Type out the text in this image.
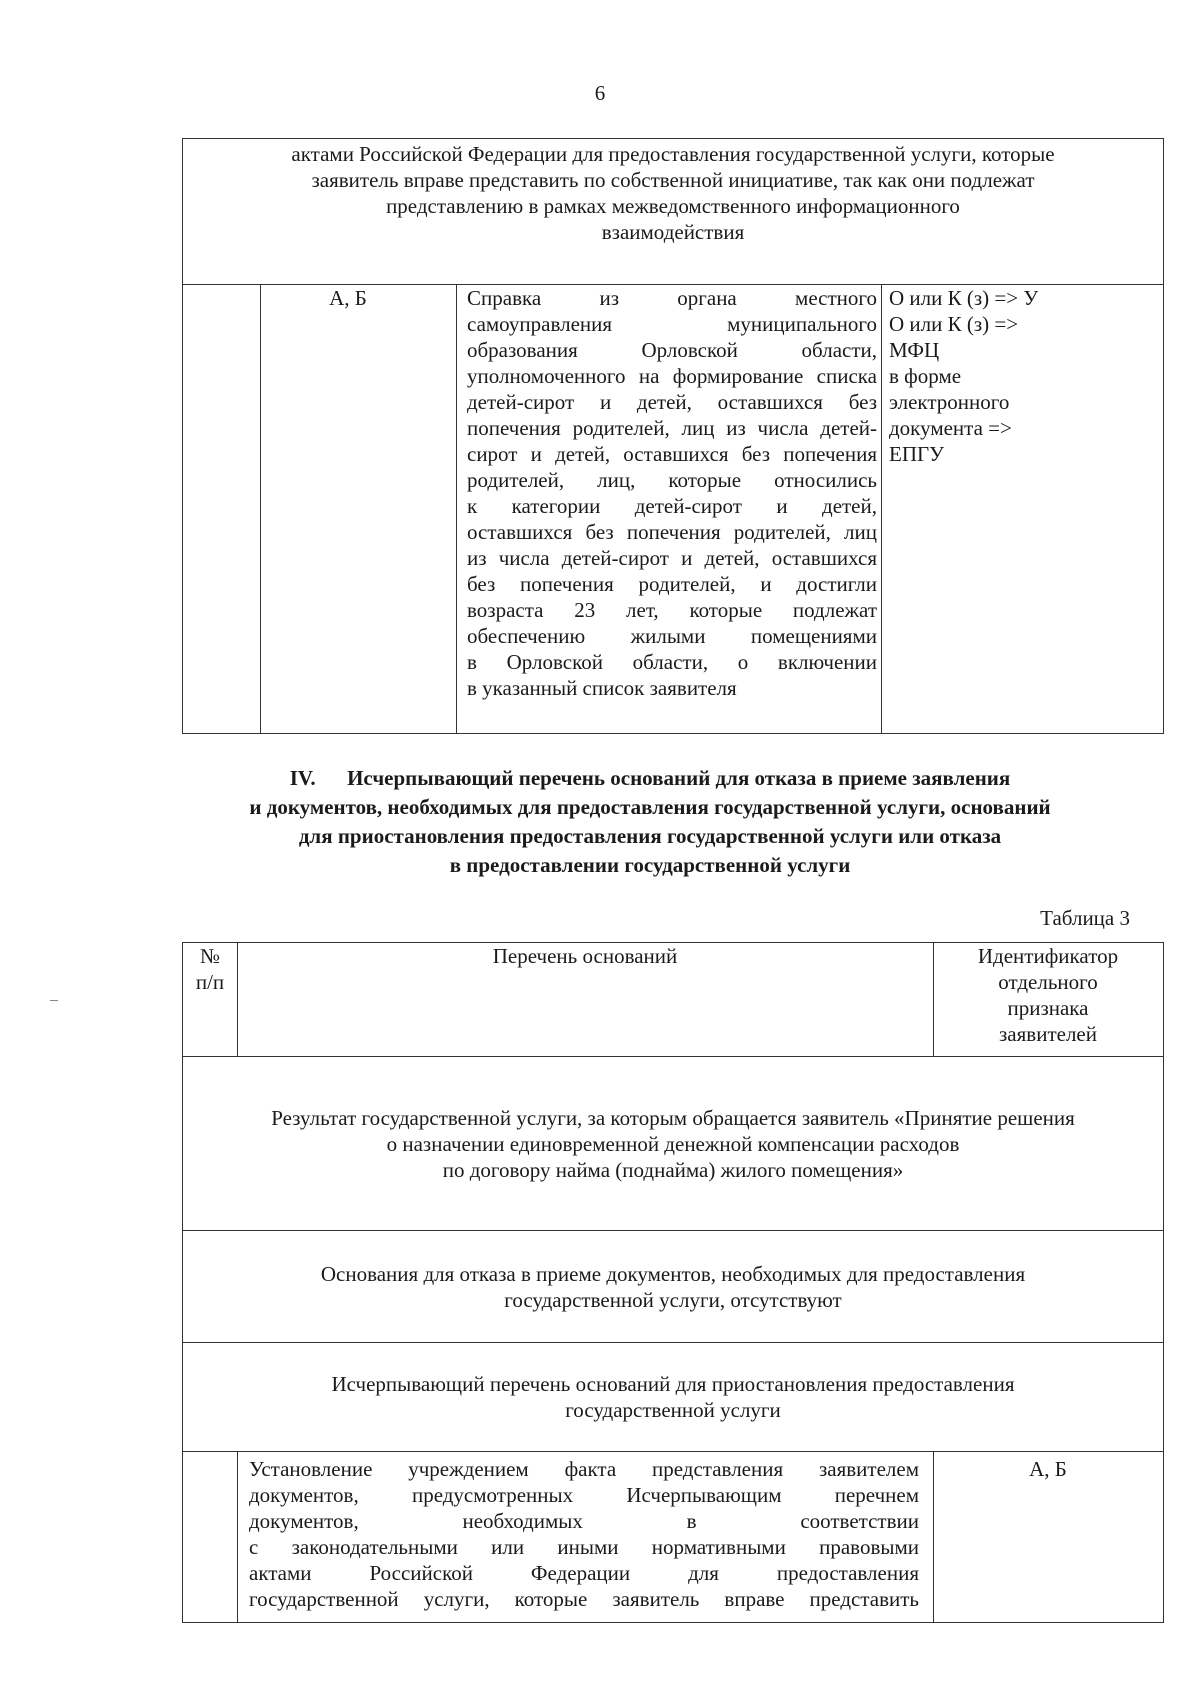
6
актами Российской Федерации для предоставления государственной услуги, которые
заявитель вправе представить по собственной инициативе, так как они подлежат
представлению в рамках межведомственного информационного
взаимодействия
А, Б	Справка из органа местного
самоуправления муниципального
образования Орловской области,
уполномоченного на формирование списка
детей-сирот и детей, оставшихся без
попечения родителей, лиц из числа детей-
сирот и детей, оставшихся без попечения
родителей, лиц, которые относились
к категории детей-сирот и детей,
оставшихся без попечения родителей, лиц
из числа детей-сирот и детей, оставшихся
без попечения родителей, и достигли
возраста 23 лет, которые подлежат
обеспечению жилыми помещениями
в Орловской области, о включении
в указанный список заявителя
О или К (з) => У
О или К (з) =>
МФЦ
в форме
электронного
документа =>
ЕПГУ
IV.      Исчерпывающий перечень оснований для отказа в приеме заявления
и документов, необходимых для предоставления государственной услуги, оснований
для приостановления предоставления государственной услуги или отказа
в предоставлении государственной услуги
Таблица 3
№
п/п
Перечень оснований	Идентификатор
отдельного
признака
заявителей
Результат государственной услуги, за которым обращается заявитель «Принятие решения
о назначении единовременной денежной компенсации расходов
по договору найма (поднайма) жилого помещения»
Основания для отказа в приеме документов, необходимых для предоставления
государственной услуги, отсутствуют
Исчерпывающий перечень оснований для приостановления предоставления
государственной услуги
Установление учреждением факта представления заявителем
документов, предусмотренных Исчерпывающим перечнем
документов, необходимых в соответствии
с законодательными или иными нормативными правовыми
актами Российской Федерации для предоставления
государственной услуги, которые заявитель вправе представить
А, Б
